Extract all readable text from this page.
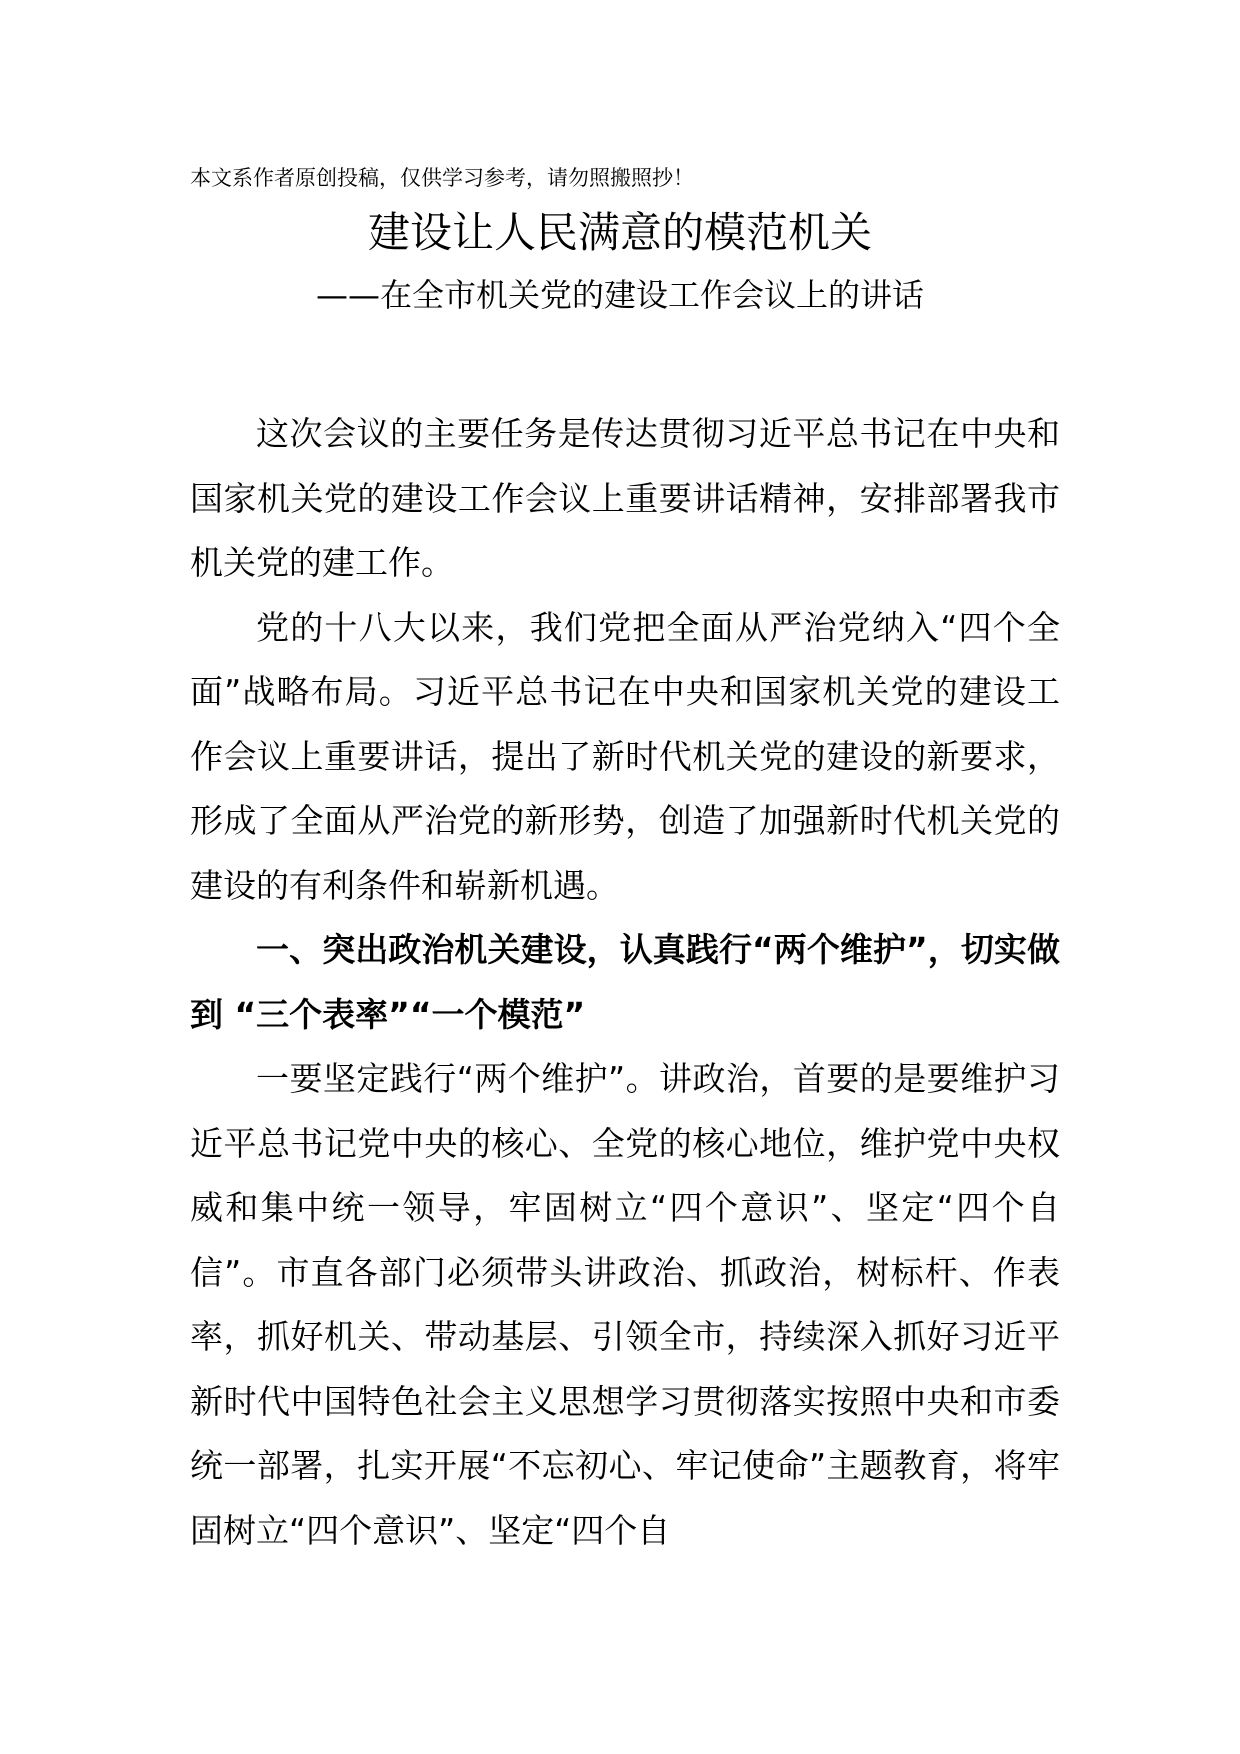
本文系作者原创投稿，仅供学习参考，请勿照搬照抄！
建设让人民满意的模范机关
——在全市机关党的建设工作会议上的讲话

这次会议的主要任务是传达贯彻习近平总书记在中央和国家机关党的建设工作会议上重要讲话精神，安排部署我市机关党的建工作。

党的十八大以来，我们党把全面从严治党纳入“四个全面”战略布局。习近平总书记在中央和国家机关党的建设工作会议上重要讲话，提出了新时代机关党的建设的新要求，形成了全面从严治党的新形势，创造了加强新时代机关党的建设的有利条件和崭新机遇。

一、突出政治机关建设，认真践行“两个维护”，切实做到 “三个表率”“一个模范”

一要坚定践行“两个维护”。讲政治，首要的是要维护习近平总书记党中央的核心、全党的核心地位，维护党中央权威和集中统一领导，牢固树立“四个意识”、坚定“四个自信”。市直各部门必须带头讲政治、抓政治，树标杆、作表率，抓好机关、带动基层、引领全市，持续深入抓好习近平新时代中国特色社会主义思想学习贯彻落实按照中央和市委统一部署，扎实开展“不忘初心、牢记使命”主题教育，将牢固树立“四个意识”、坚定“四个自
